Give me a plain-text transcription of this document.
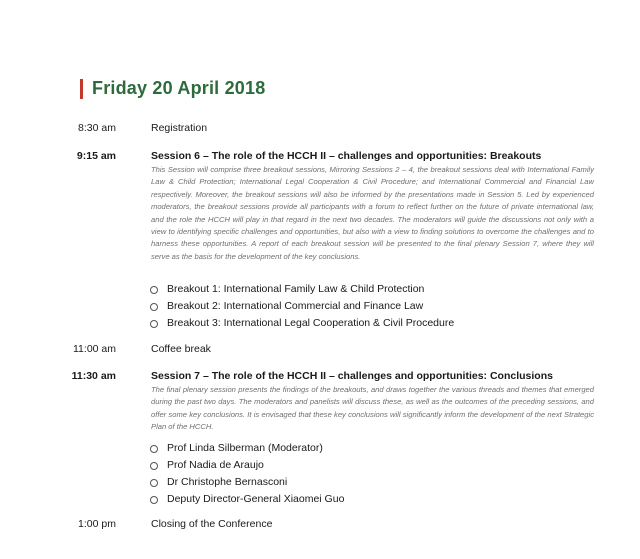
Friday 20 April 2018
8:30 am	Registration
9:15 am	Session 6 – The role of the HCCH II – challenges and opportunities: Breakouts
This Session will comprise three breakout sessions, Mirroring Sessions 2 – 4, the breakout sessions deal with International Family Law & Child Protection; International Legal Cooperation & Civil Procedure; and International Commercial and Financial Law respectively. Moreover, the breakout sessions will also be informed by the presentations made in Session 5. Led by experienced moderators, the breakout sessions provide all participants with a forum to reflect further on the future of private international law, and the role the HCCH will play in that regard in the next two decades. The moderators will guide the discussions not only with a view to identifying specific challenges and opportunities, but also with a view to finding solutions to overcome the challenges and to harness these opportunities. A report of each breakout session will be presented to the final plenary Session 7, where they will serve as the basis for the development of the key conclusions.
Breakout 1: International Family Law & Child Protection
Breakout 2: International Commercial and Finance Law
Breakout 3: International Legal Cooperation & Civil Procedure
11:00 am	Coffee break
11:30 am	Session 7 – The role of the HCCH II – challenges and opportunities: Conclusions
The final plenary session presents the findings of the breakouts, and draws together the various threads and themes that emerged during the past two days. The moderators and panelists will discuss these, as well as the outcomes of the preceding sessions, and offer some key conclusions. It is envisaged that these key conclusions will significantly inform the development of the next Strategic Plan of the HCCH.
Prof Linda Silberman (Moderator)
Prof Nadia de Araujo
Dr Christophe Bernasconi
Deputy Director-General Xiaomei Guo
1:00 pm	Closing of the Conference
